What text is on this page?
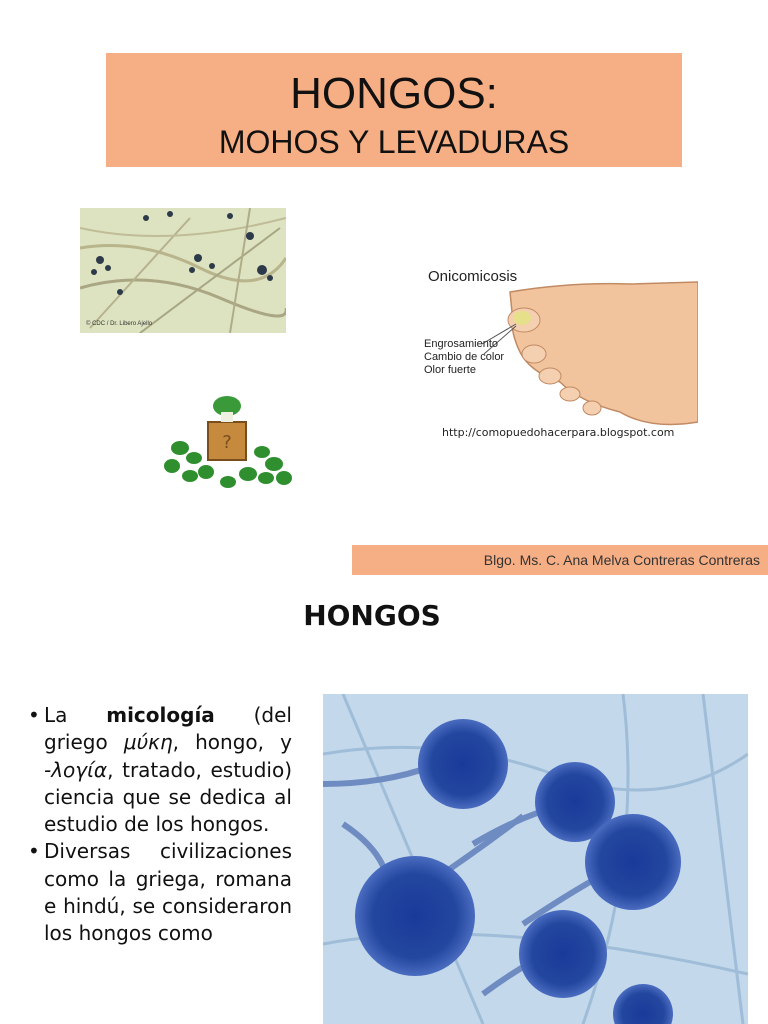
HONGOS:
MOHOS Y LEVADURAS
© CDC / Dr. Libero Ajello
?
Onicomicosis
Engrosamiento
Cambio de color
Olor fuerte
http://comopuedohacerpara.blogspot.com
Blgo. Ms. C. Ana Melva Contreras Contreras
HONGOS
• La micología (del griego μύκη, hongo, y -λογία, tratado, estudio) ciencia que se dedica al estudio de los hongos.
• Diversas civilizaciones como la griega, romana e hindú, se consideraron los hongos como
